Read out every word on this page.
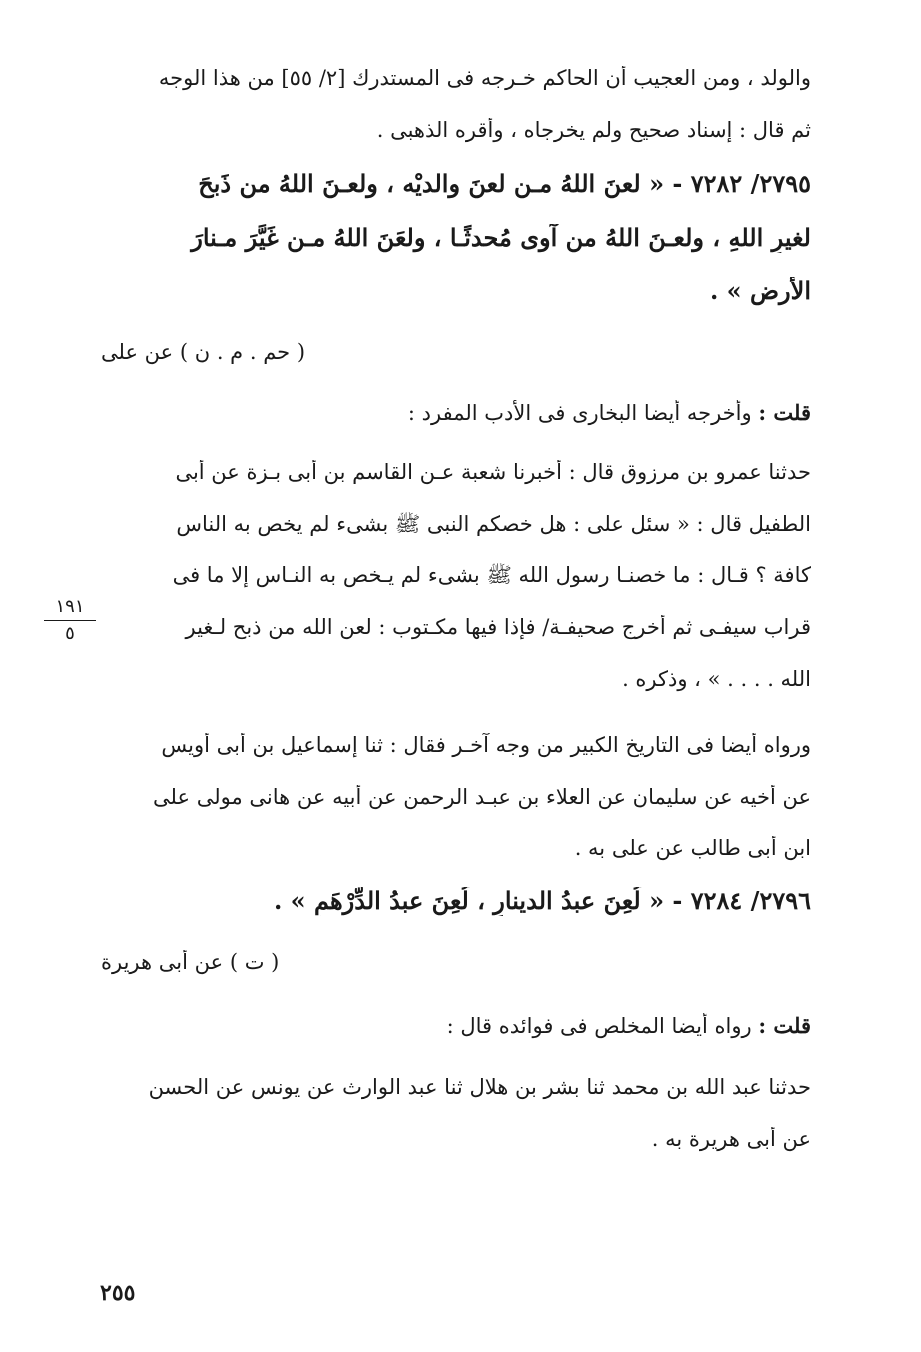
والولد ، ومن العجيب أن الحاكم خـرجه فى المستدرك [٢/ ٥٥] من هذا الوجه
ثم قال : إسناد صحيح ولم يخرجاه ، وأقره الذهبى .
٢٧٩٥/ ٧٢٨٢ - « لعنَ اللهُ مـن لعنَ والديْه ، ولعـنَ اللهُ من ذَبحَ
لغيرِ اللهِ ، ولعـنَ اللهُ من آوى مُحدثًـا ، ولعَنَ اللهُ مـن غَيَّرَ مـنارَ
الأرضِ » .
( حم . م . ن ) عن على
قلت : وأخرجه أيضا البخارى فى الأدب المفرد :
حدثنا عمرو بن مرزوق قال : أخبرنا شعبة عـن القاسم بن أبى بـزة عن أبى
الطفيل قال : « سئل على : هل خصكم النبى ﷺ بشىء لم يخص به الناس
كافة ؟ قـال : ما خصنـا رسول الله ﷺ بشىء لم يـخص به النـاس إلا ما فى
قراب سيفـى ثم أخرج صحيفـة/ فإذا فيها مكـتوب : لعن الله من ذبح لـغير
الله . . . . » ، وذكره .
ورواه أيضا فى التاريخ الكبير من وجه آخـر فقال : ثنا إسماعيل بن أبى أويس
عن أخيه عن سليمان عن العلاء بن عبـد الرحمن عن أبيه عن هانى مولى على
ابن أبى طالب عن على به .
٢٧٩٦/ ٧٢٨٤ - « لُعِنَ عبدُ الدينارِ ، لُعِنَ عبدُ الدِّرْهَمِ » .
( ت ) عن أبى هريرة
قلت : رواه أيضا المخلص فى فوائده قال :
حدثنا عبد الله بن محمد ثنا بشر بن هلال ثنا عبد الوارث عن يونس عن الحسن
عن أبى هريرة به .
١٩١
٥
٢٥٥
